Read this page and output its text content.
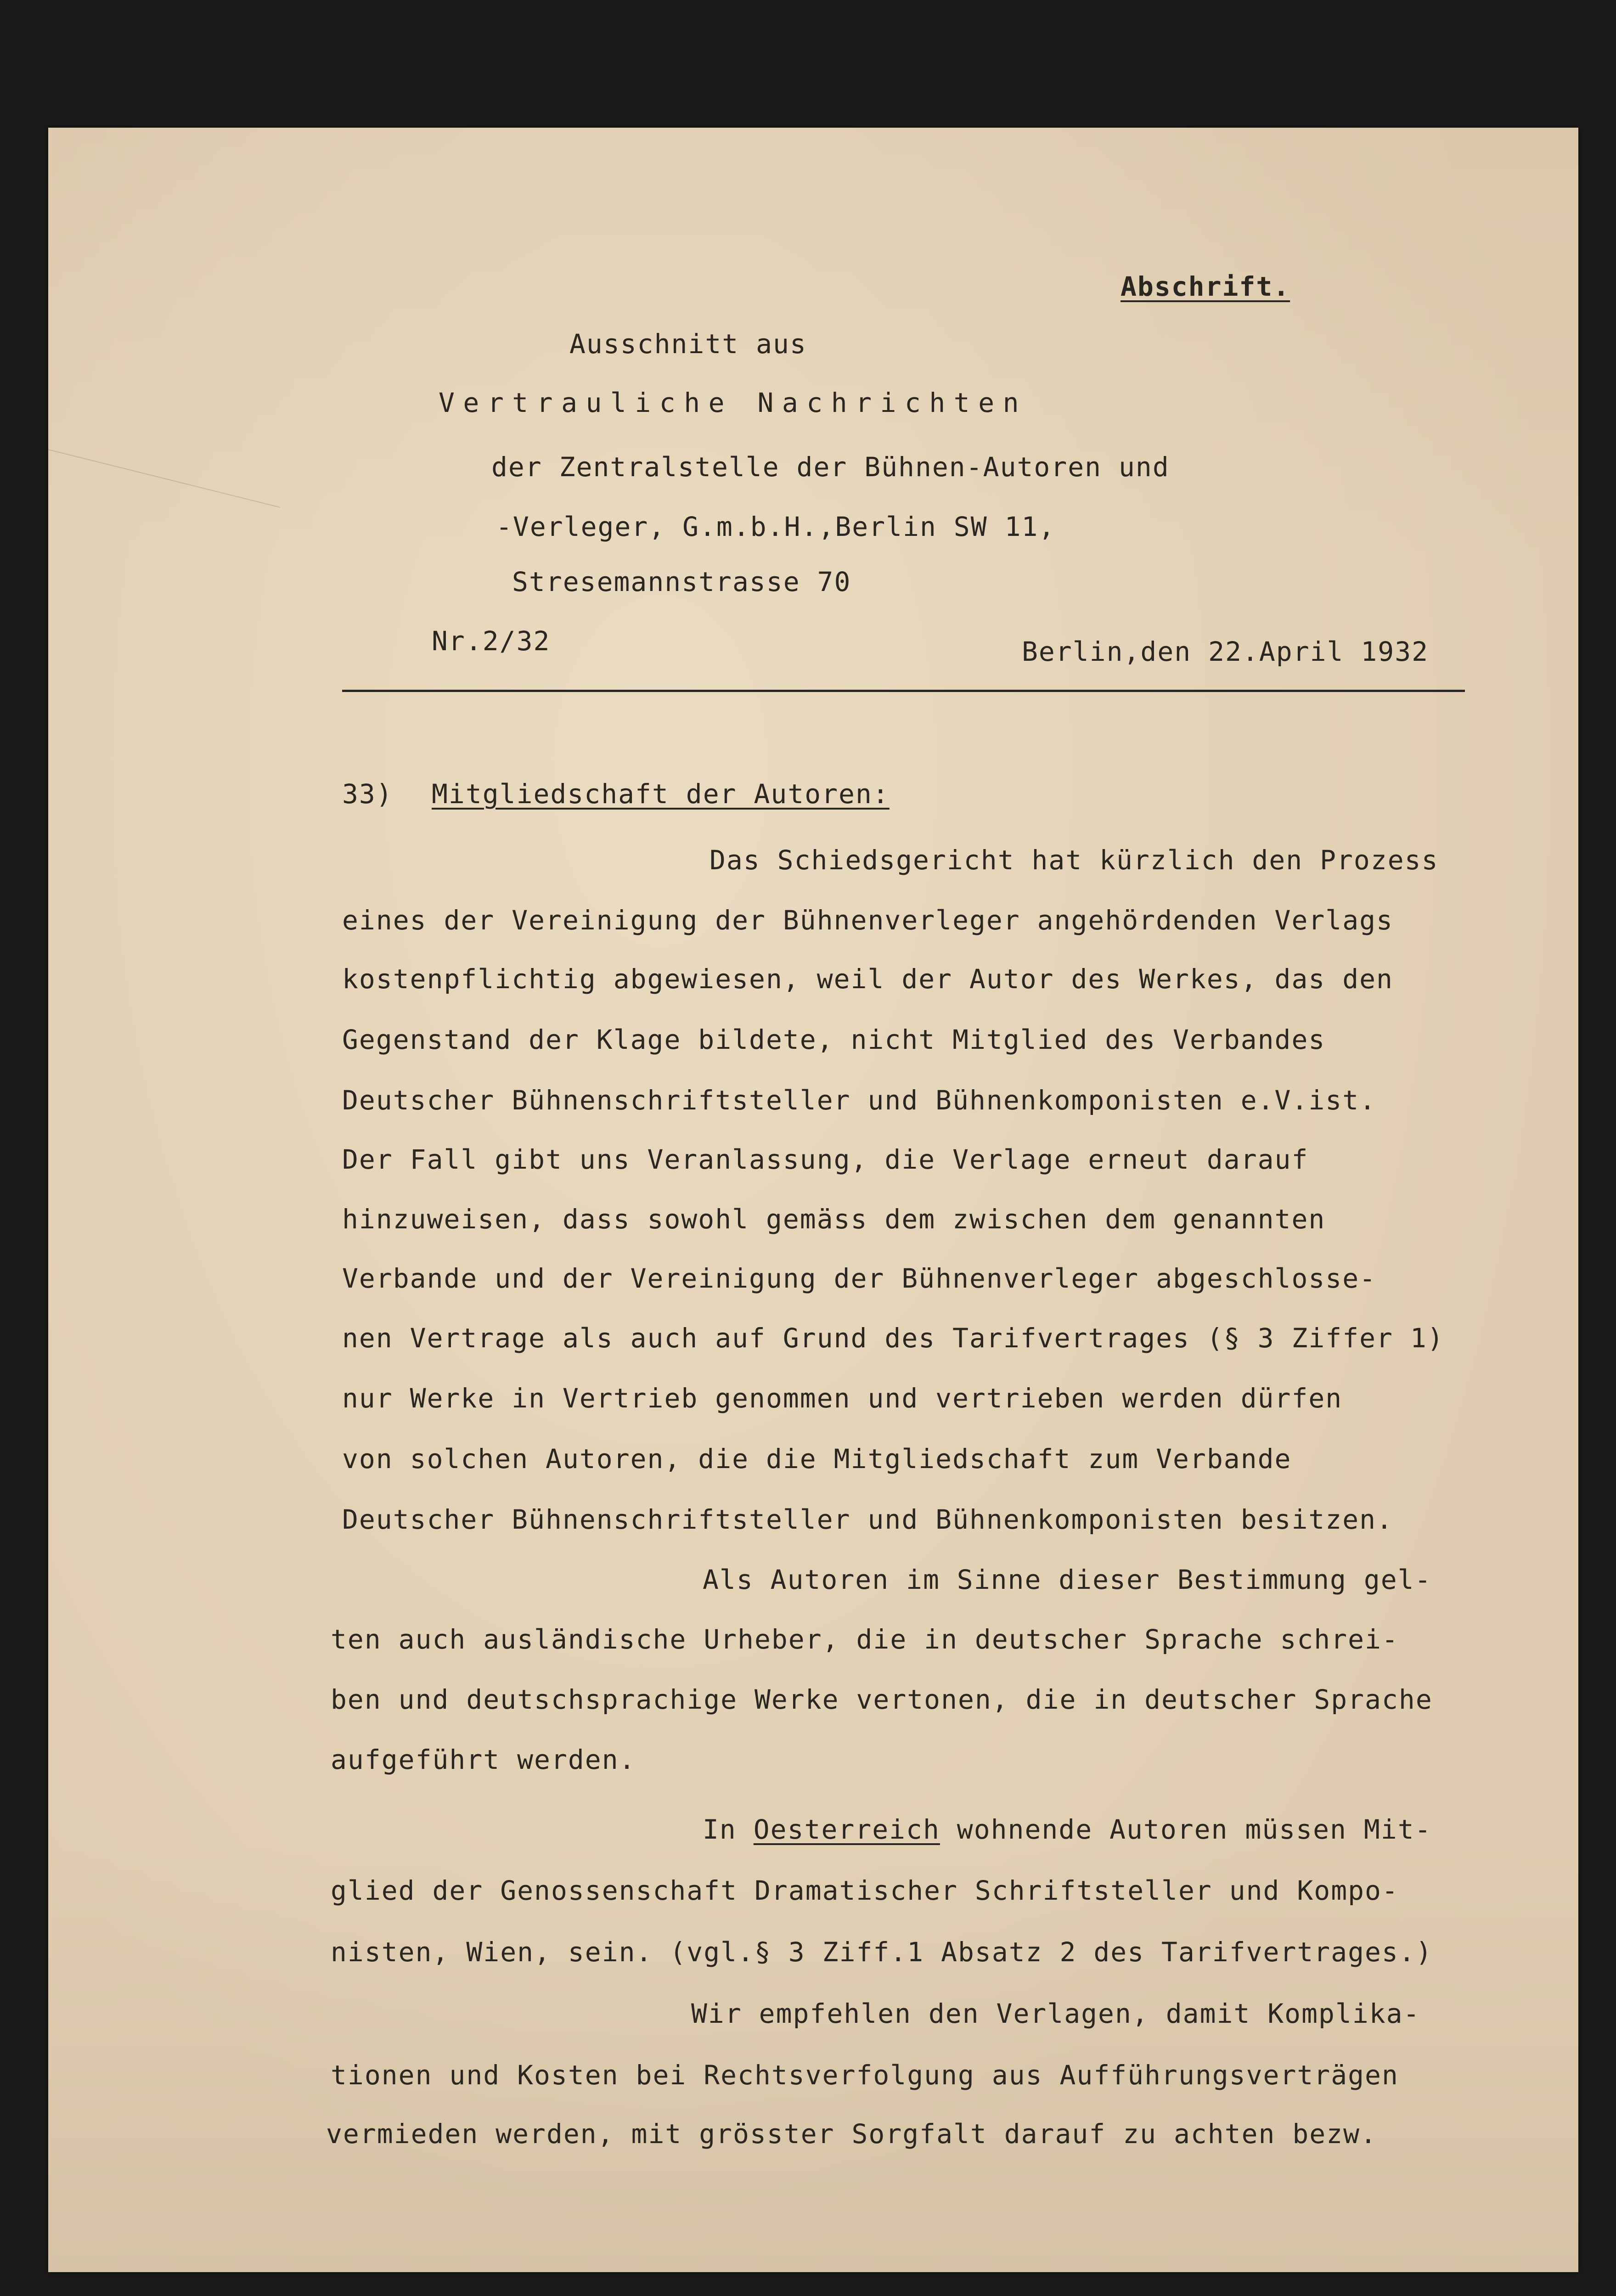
Abschrift.
Ausschnitt aus
Vertrauliche Nachrichten
der Zentralstelle der Bühnen-Autoren und
-Verleger, G.m.b.H.,Berlin SW 11,
Stresemannstrasse 70
Nr.2/32	Berlin,den 22.April 1932
33) Mitgliedschaft der Autoren:
Das Schiedsgericht hat kürzlich den Prozess
eines der Vereinigung der Bühnenverleger angehördenden Verlags
kostenpflichtig abgewiesen, weil der Autor des Werkes, das den
Gegenstand der Klage bildete, nicht Mitglied des Verbandes
Deutscher Bühnenschriftsteller und Bühnenkomponisten e.V.ist.
Der Fall gibt uns Veranlassung, die Verlage erneut darauf
hinzuweisen, dass sowohl gemäss dem zwischen dem genannten
Verbande und der Vereinigung der Bühnenverleger abgeschlosse-
nen Vertrage als auch auf Grund des Tarifvertrages (§ 3 Ziffer 1)
nur Werke in Vertrieb genommen und vertrieben werden dürfen
von solchen Autoren, die die Mitgliedschaft zum Verbande
Deutscher Bühnenschriftsteller und Bühnenkomponisten besitzen.
Als Autoren im Sinne dieser Bestimmung gel-
ten auch ausländische Urheber, die in deutscher Sprache schrei-
ben und deutschsprachige Werke vertonen, die in deutscher Sprache
aufgeführt werden.
In Oesterreich wohnende Autoren müssen Mit-
glied der Genossenschaft Dramatischer Schriftsteller und Kompo-
nisten, Wien, sein. (vgl.§ 3 Ziff.1 Absatz 2 des Tarifvertrages.)
Wir empfehlen den Verlagen, damit Komplika-
tionen und Kosten bei Rechtsverfolgung aus Aufführungsverträgen
vermieden werden, mit grösster Sorgfalt darauf zu achten bezw.
